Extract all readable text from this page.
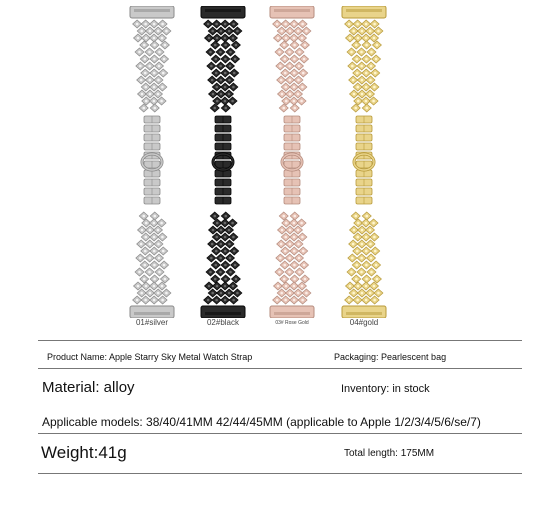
01#silver	02#black	03# Rose Gold	04#gold
Product Name: Apple Starry Sky Metal Watch Strap	Packaging: Pearlescent bag
Material: alloy	Inventory: in stock
Applicable models: 38/40/41MM 42/44/45MM (applicable to Apple 1/2/3/4/5/6/se/7)
Weight:41g	Total length: 175MM
